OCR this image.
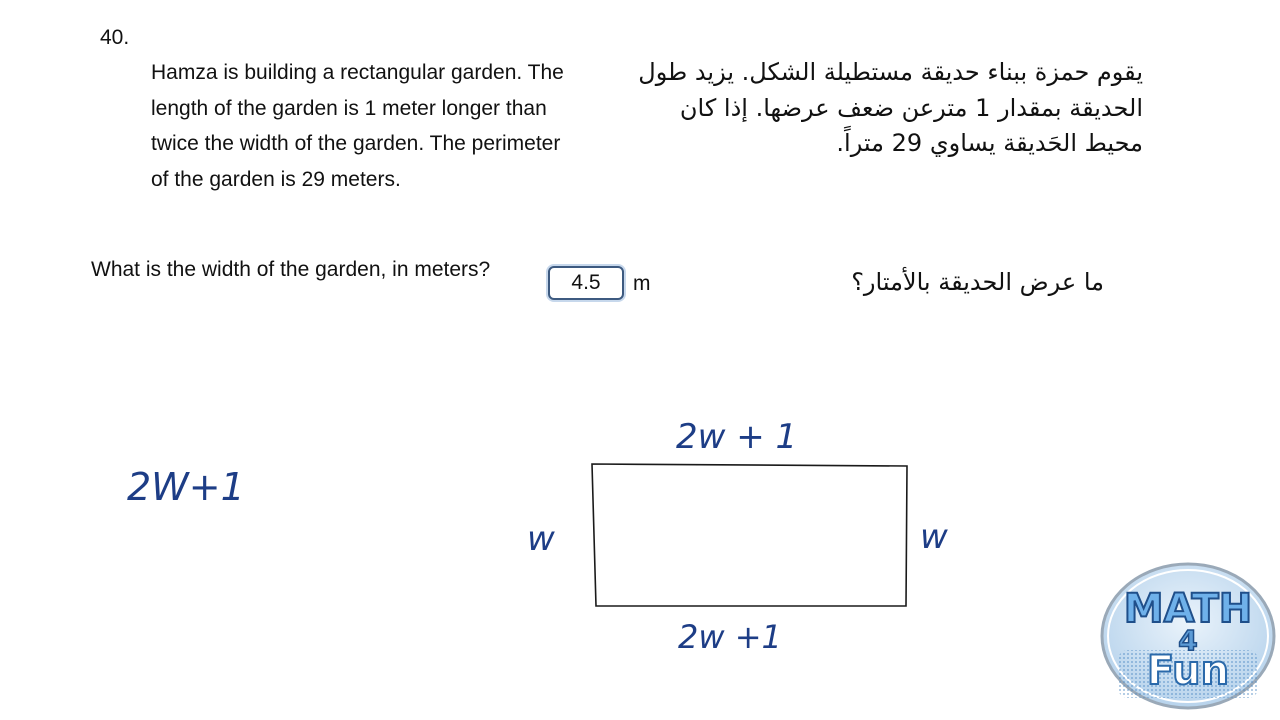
40.
Hamza is building a rectangular garden. The
length of the garden is 1 meter longer than
twice the width of the garden. The perimeter
of the garden is 29 meters.
يقوم حمزة ببناء حديقة مستطيلة الشكل. يزيد طول
الحديقة بمقدار 1 مترعن ضعف عرضها. إذا كان
محيط الحَديقة يساوي 29 متراً.
What is the width of the garden, in meters?
4.5	m	ما عرض الحديقة بالأمتار؟
2W+1
2w + 1
2w +1
w	w
MATH
4
Fun
